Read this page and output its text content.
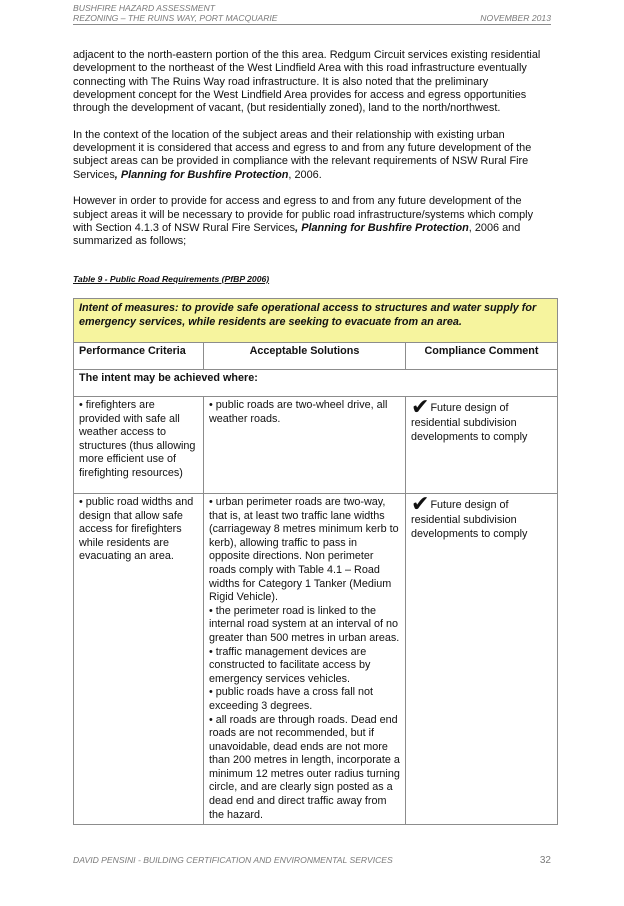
BUSHFIRE HAZARD ASSESSMENT
REZONING – THE RUINS WAY, PORT MACQUARIE	NOVEMBER 2013

adjacent to the north-eastern portion of the this area. Redgum Circuit services existing residential development to the northeast of the West Lindfield Area with this road infrastructure eventually connecting with The Ruins Way road infrastructure. It is also noted that the preliminary development concept for the West Lindfield Area provides for access and egress opportunities through the development of vacant, (but residentially zoned), land to the north/northwest.

In the context of the location of the subject areas and their relationship with existing urban development it is considered that access and egress to and from any future development of the subject areas can be provided in compliance with the relevant requirements of NSW Rural Fire Services, Planning for Bushfire Protection, 2006.

However in order to provide for access and egress to and from any future development of the subject areas it will be necessary to provide for public road infrastructure/systems which comply with Section 4.1.3 of NSW Rural Fire Services, Planning for Bushfire Protection, 2006 and summarized as follows;

Table 9 - Public Road Requirements (PfBP 2006)
Intent of measures: to provide safe operational access to structures and water supply for emergency services, while residents are seeking to evacuate from an area.		
Performance Criteria	Acceptable Solutions	Compliance Comment
The intent may be achieved where:		
• firefighters are provided with safe all weather access to structures (thus allowing more efficient use of firefighting resources)	• public roads are two-wheel drive, all weather roads.	✔Future design of residential subdivision developments to comply
• public road widths and design that allow safe access for firefighters while residents are evacuating an area.	• urban perimeter roads are two-way, that is, at least two traffic lane widths (carriageway 8 metres minimum kerb to kerb), allowing traffic to pass in opposite directions. Non perimeter roads comply with Table 4.1 – Road widths for Category 1 Tanker (Medium Rigid Vehicle).
• the perimeter road is linked to the internal road system at an interval of no greater than 500 metres in urban areas.
• traffic management devices are constructed to facilitate access by emergency services vehicles.
• public roads have a cross fall not exceeding 3 degrees.
• all roads are through roads. Dead end roads are not recommended, but if unavoidable, dead ends are not more than 200 metres in length, incorporate a minimum 12 metres outer radius turning circle, and are clearly sign posted as a dead end and direct traffic away from the hazard.	✔Future design of residential subdivision developments to comply
DAVID PENSINI - BUILDING CERTIFICATION AND ENVIRONMENTAL SERVICES	32
